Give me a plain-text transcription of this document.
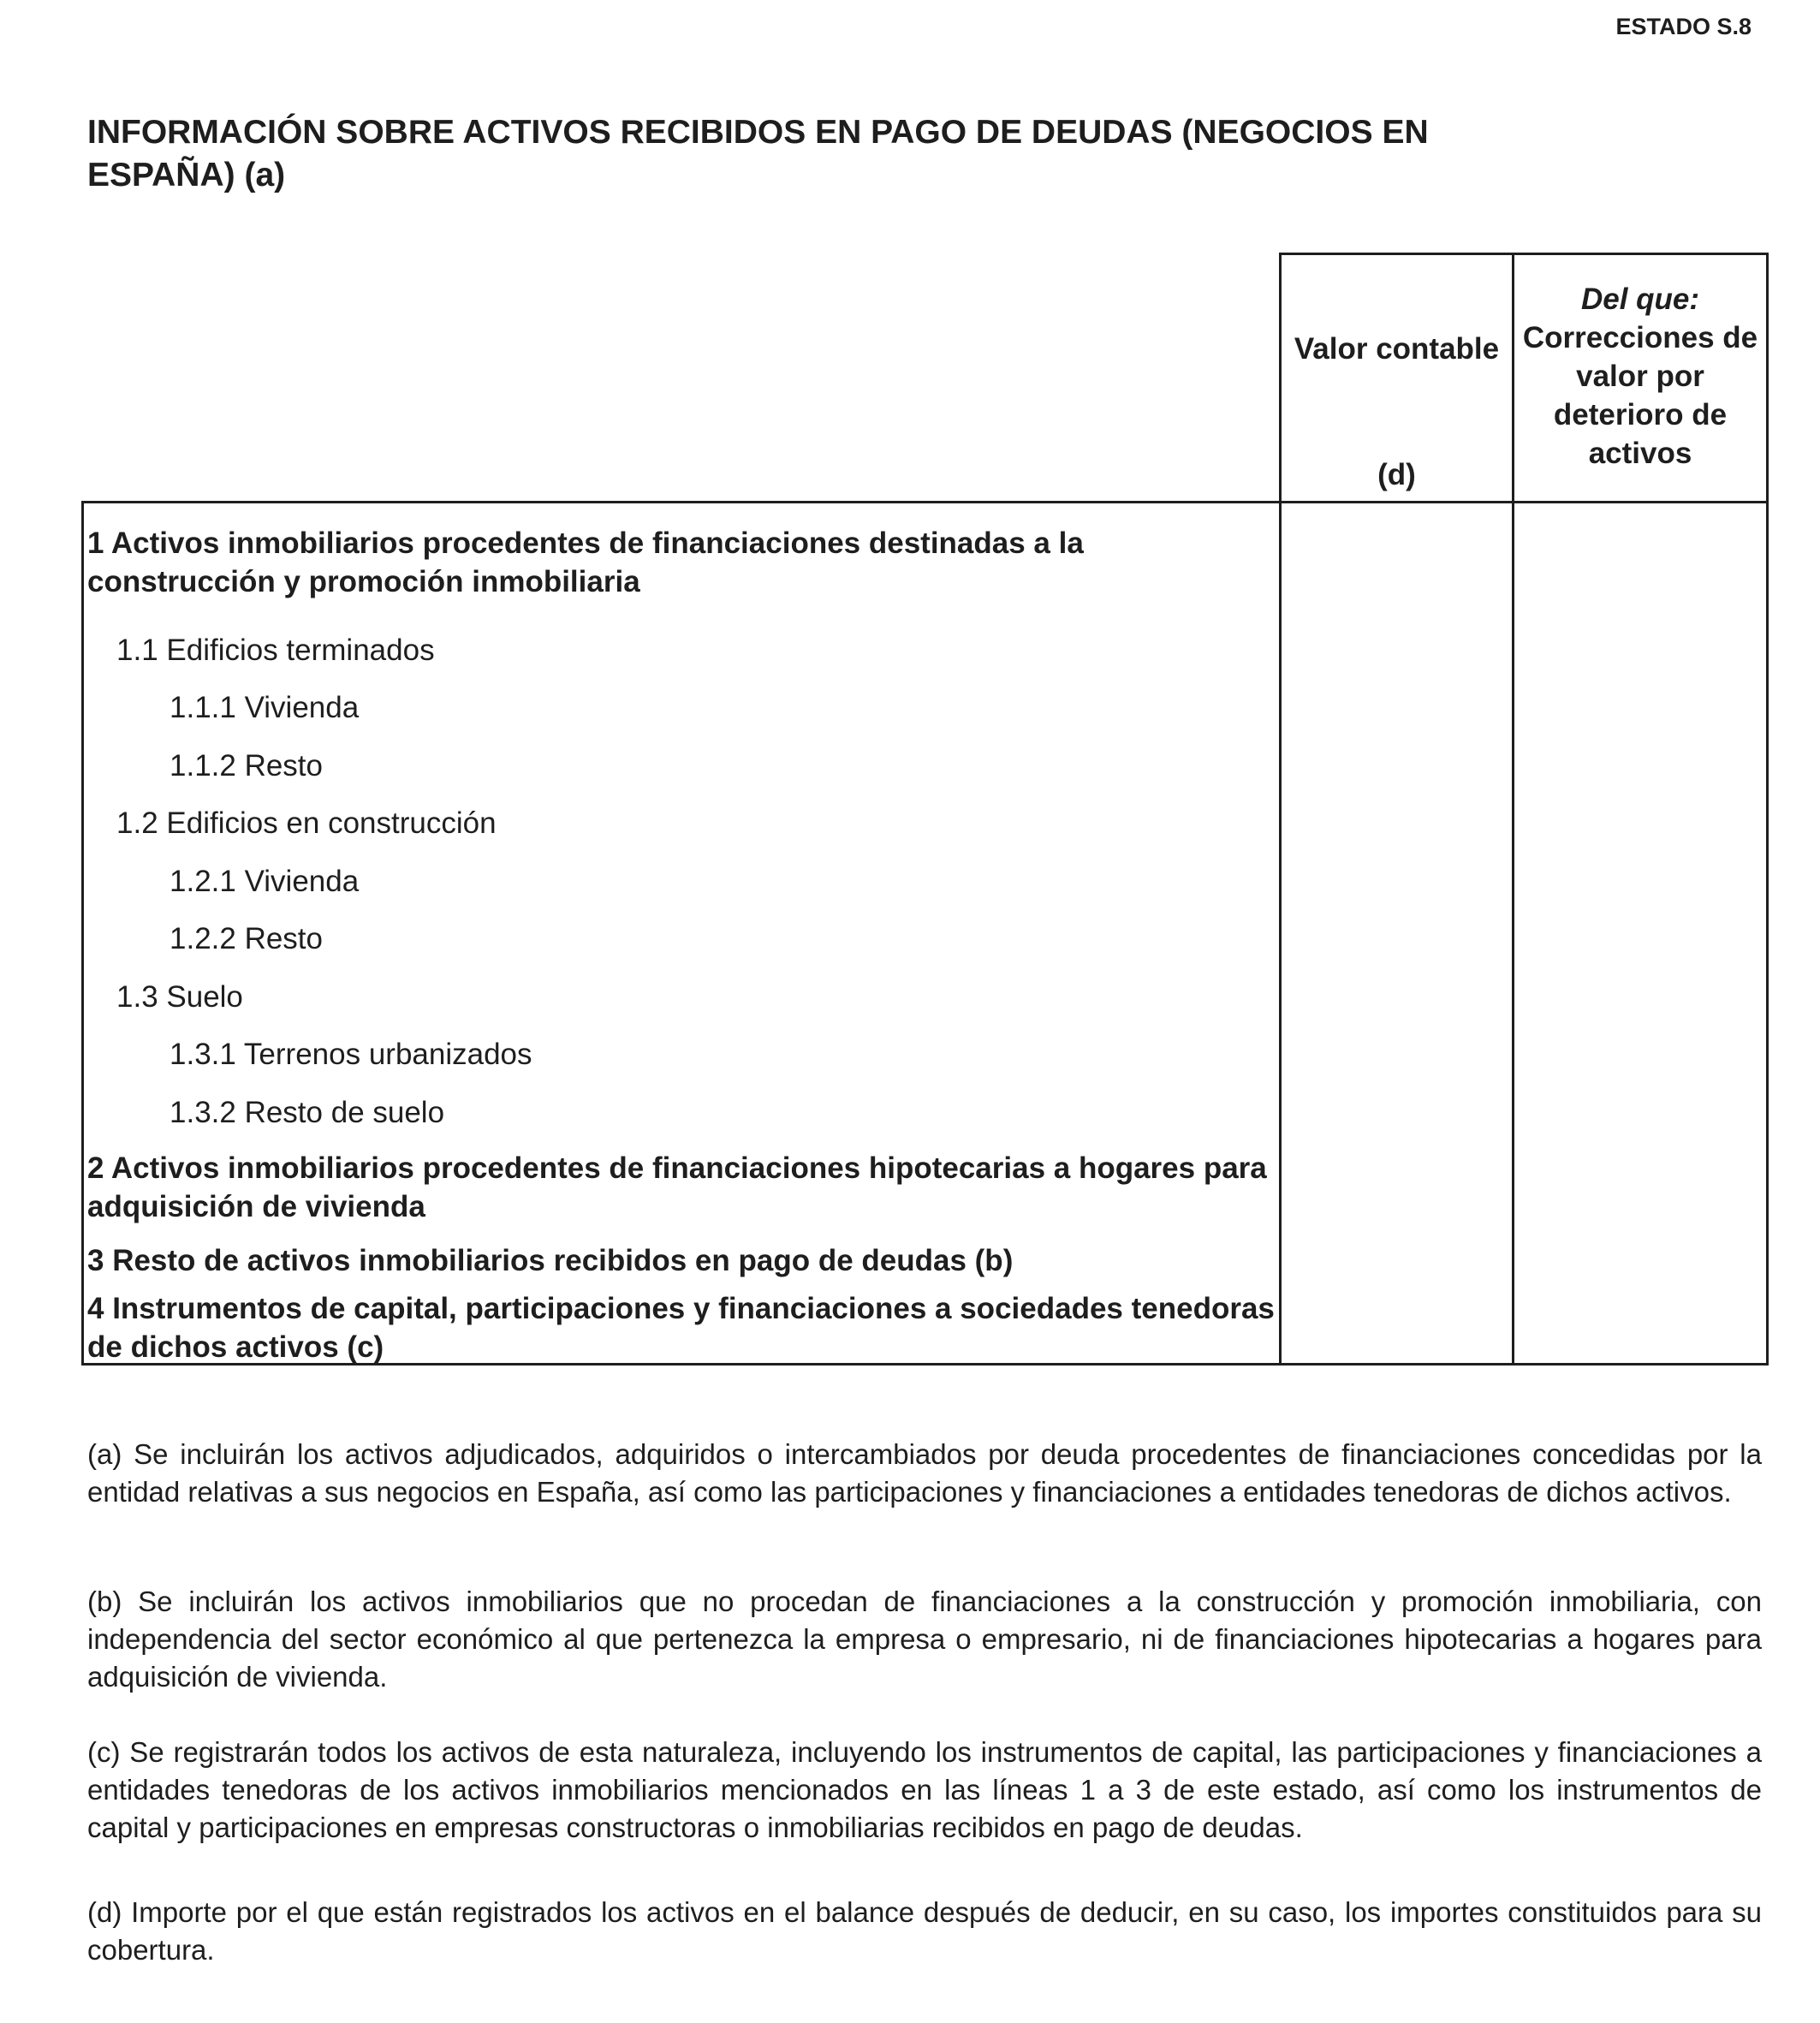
ESTADO S.8
INFORMACIÓN SOBRE ACTIVOS RECIBIDOS EN PAGO DE DEUDAS (NEGOCIOS EN
ESPAÑA) (a)
Valor contable
(d)
Del que:
Correcciones de
valor por
deterioro de
activos
1 Activos inmobiliarios procedentes de financiaciones destinadas a la construcción y promoción inmobiliaria
1.1 Edificios terminados
1.1.1 Vivienda
1.1.2 Resto
1.2 Edificios en construcción
1.2.1 Vivienda
1.2.2 Resto
1.3 Suelo
1.3.1 Terrenos urbanizados
1.3.2 Resto de suelo
2 Activos inmobiliarios procedentes de financiaciones hipotecarias a hogares para adquisición de vivienda
3 Resto de activos inmobiliarios recibidos en pago de deudas (b)
4 Instrumentos de capital, participaciones y financiaciones a sociedades tenedoras de dichos activos (c)
(a) Se incluirán los activos adjudicados, adquiridos o intercambiados por deuda procedentes de financiaciones concedidas por la entidad relativas a sus negocios en España, así como las participaciones y financiaciones a entidades tenedoras de dichos activos.
(b) Se incluirán los activos inmobiliarios que no procedan de financiaciones a la construcción y promoción inmobiliaria, con independencia del sector económico al que pertenezca la empresa o empresario, ni de financiaciones hipotecarias a hogares para adquisición de vivienda.
(c) Se registrarán todos los activos de esta naturaleza, incluyendo los instrumentos de capital, las participaciones y financiaciones a entidades tenedoras de los activos inmobiliarios mencionados en las líneas 1 a 3 de este estado, así como los instrumentos de capital y participaciones en empresas constructoras o inmobiliarias recibidos en pago de deudas.
(d) Importe por el que están registrados los activos en el balance después de deducir, en su caso, los importes constituidos para su cobertura.
